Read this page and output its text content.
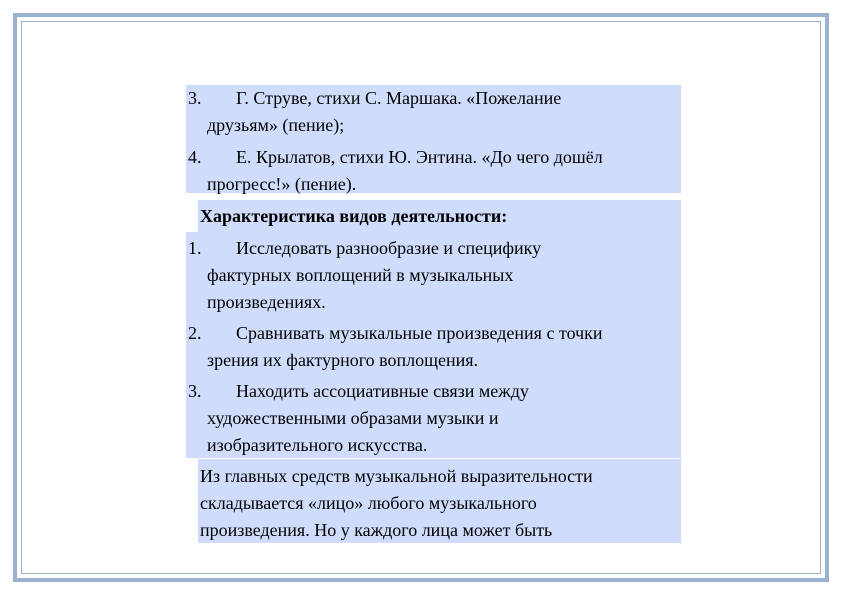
3. Г. Струве, стихи С. Маршака. «Пожелание
друзьям» (пение);
4. Е. Крылатов, стихи Ю. Энтина. «До чего дошёл
прогресс!» (пение).
Характеристика видов деятельности:
1. Исследовать разнообразие и специфику
фактурных воплощений в музыкальных
произведениях.
2. Сравнивать музыкальные произведения с точки
зрения их фактурного воплощения.
3. Находить ассоциативные связи между
художественными образами музыки и
изобразительного искусства.
Из главных средств музыкальной выразительности
складывается «лицо» любого музыкального
произведения. Но у каждого лица может быть
